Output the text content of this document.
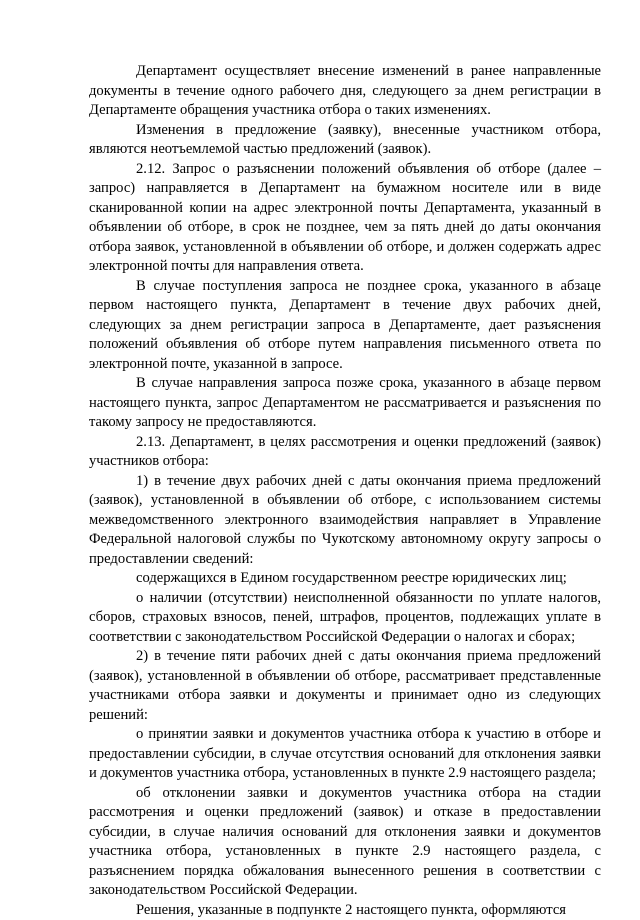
Департамент осуществляет внесение изменений в ранее направленные документы в течение одного рабочего дня, следующего за днем регистрации в Департаменте обращения участника отбора о таких изменениях.

Изменения в предложение (заявку), внесенные участником отбора, являются неотъемлемой частью предложений (заявок).

2.12. Запрос о разъяснении положений объявления об отборе (далее – запрос) направляется в Департамент на бумажном носителе или в виде сканированной копии на адрес электронной почты Департамента, указанный в объявлении об отборе, в срок не позднее, чем за пять дней до даты окончания отбора заявок, установленной в объявлении об отборе, и должен содержать адрес электронной почты для направления ответа.

В случае поступления запроса не позднее срока, указанного в абзаце первом настоящего пункта, Департамент в течение двух рабочих дней, следующих за днем регистрации запроса в Департаменте, дает разъяснения положений объявления об отборе путем направления письменного ответа по электронной почте, указанной в запросе.

В случае направления запроса позже срока, указанного в абзаце первом настоящего пункта, запрос Департаментом не рассматривается и разъяснения по такому запросу не предоставляются.

2.13. Департамент, в целях рассмотрения и оценки предложений (заявок) участников отбора:

1) в течение двух рабочих дней с даты окончания приема предложений (заявок), установленной в объявлении об отборе, с использованием системы межведомственного электронного взаимодействия направляет в Управление Федеральной налоговой службы по Чукотскому автономному округу запросы о предоставлении сведений:

содержащихся в Едином государственном реестре юридических лиц;

о наличии (отсутствии) неисполненной обязанности по уплате налогов, сборов, страховых взносов, пеней, штрафов, процентов, подлежащих уплате в соответствии с законодательством Российской Федерации о налогах и сборах;

2) в течение пяти рабочих дней с даты окончания приема предложений (заявок), установленной в объявлении об отборе, рассматривает представленные участниками отбора заявки и документы и принимает одно из следующих решений:

о принятии заявки и документов участника отбора к участию в отборе и предоставлении субсидии, в случае отсутствия оснований для отклонения заявки и документов участника отбора, установленных в пункте 2.9 настоящего раздела;

об отклонении заявки и документов участника отбора на стадии рассмотрения и оценки предложений (заявок) и отказе в предоставлении субсидии, в случае наличия оснований для отклонения заявки и документов участника отбора, установленных в пункте 2.9 настоящего раздела, с разъяснением порядка обжалования вынесенного решения в соответствии с законодательством Российской Федерации.

Решения, указанные в подпункте 2 настоящего пункта, оформляются
